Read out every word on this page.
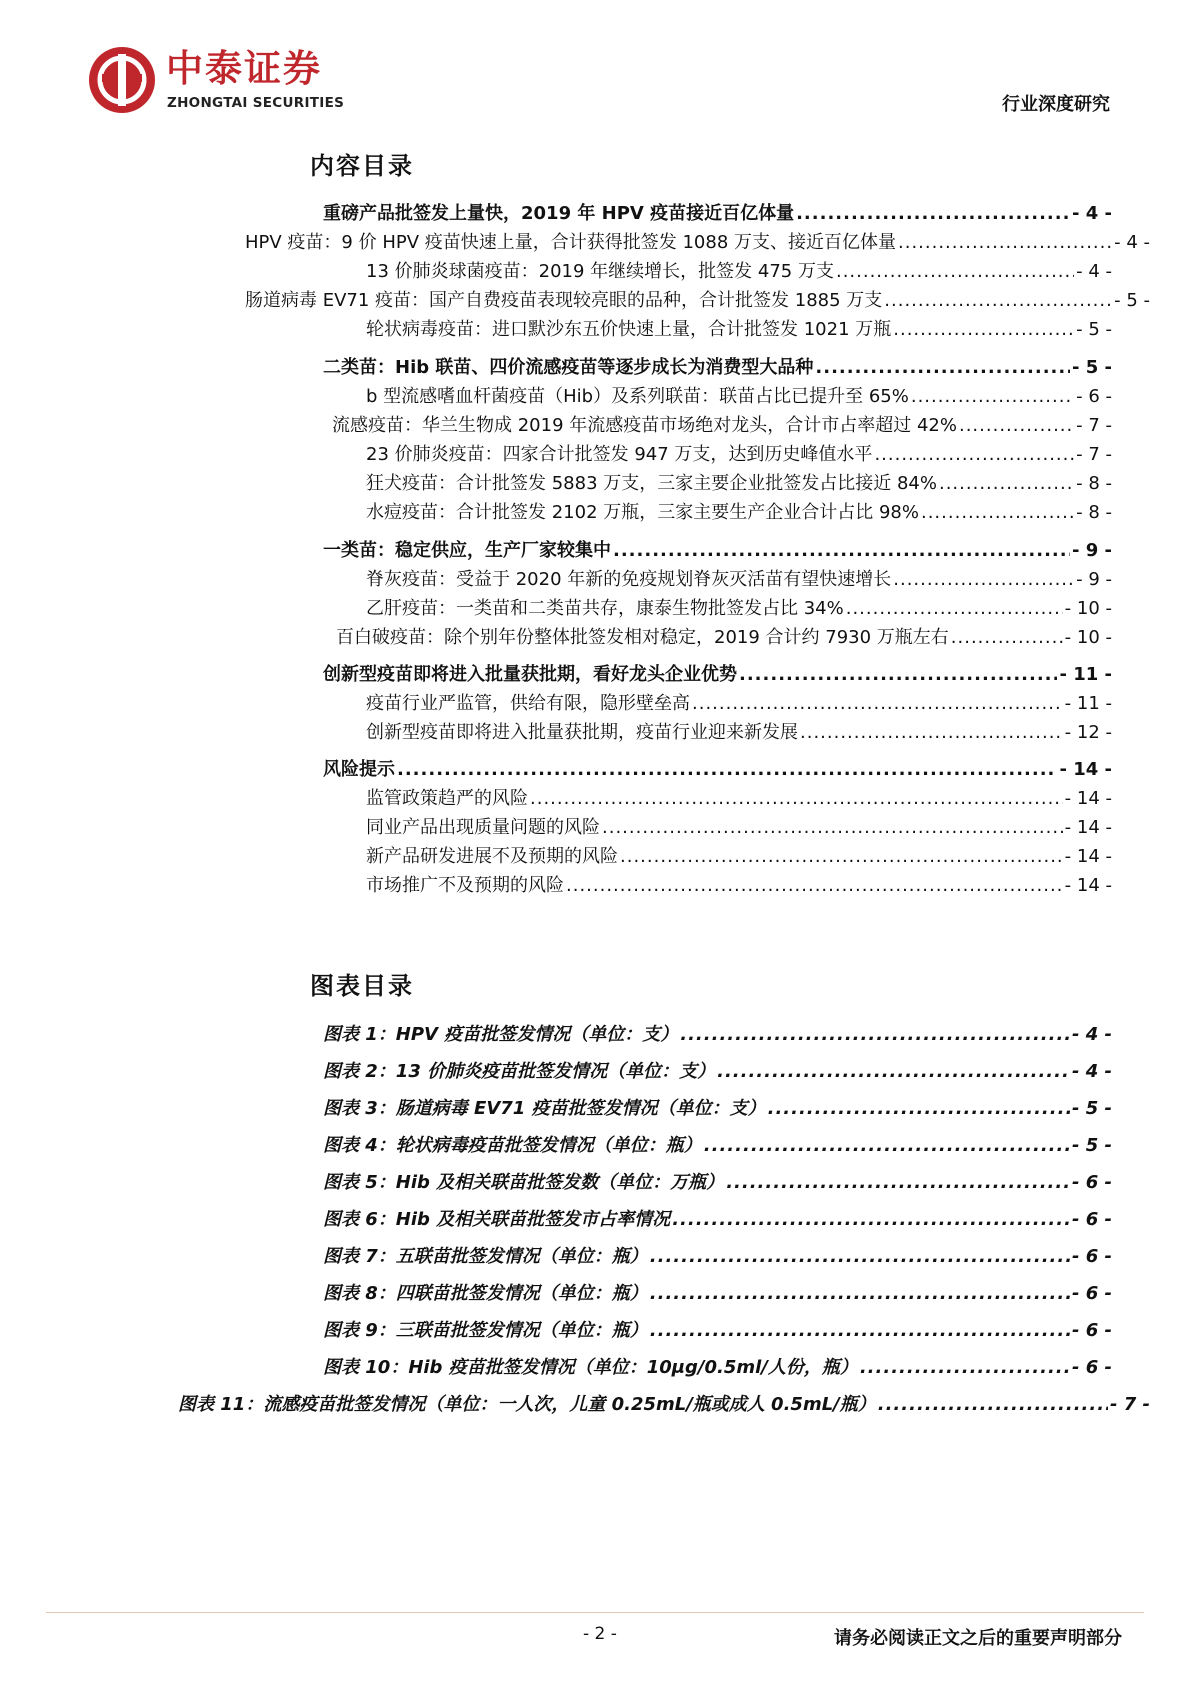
中泰证券
ZHONGTAI SECURITIES	行业深度研究
内容目录
重磅产品批签发上量快，2019 年 HPV 疫苗接近百亿体量 .....	- 4 -
HPV 疫苗：9 价 HPV 疫苗快速上量，合计获得批签发 1088 万支、接近百亿体量 .....	- 4 -
13 价肺炎球菌疫苗：2019 年继续增长，批签发 475 万支 .....	- 4 -
肠道病毒 EV71 疫苗：国产自费疫苗表现较亮眼的品种，合计批签发 1885 万支 .....	- 5 -
轮状病毒疫苗：进口默沙东五价快速上量，合计批签发 1021 万瓶 .....	- 5 -
二类苗：Hib 联苗、四价流感疫苗等逐步成长为消费型大品种 .....	- 5 -
b 型流感嗜血杆菌疫苗（Hib）及系列联苗：联苗占比已提升至 65% .....	- 6 -
流感疫苗：华兰生物成 2019 年流感疫苗市场绝对龙头，合计市占率超过 42% .....	- 7 -
23 价肺炎疫苗：四家合计批签发 947 万支，达到历史峰值水平 .....	- 7 -
狂犬疫苗：合计批签发 5883 万支，三家主要企业批签发占比接近 84% .....	- 8 -
水痘疫苗：合计批签发 2102 万瓶，三家主要生产企业合计占比 98% .....	- 8 -
一类苗：稳定供应，生产厂家较集中 .....	- 9 -
脊灰疫苗：受益于 2020 年新的免疫规划脊灰灭活苗有望快速增长 .....	- 9 -
乙肝疫苗：一类苗和二类苗共存，康泰生物批签发占比 34% .....	- 10 -
百白破疫苗：除个别年份整体批签发相对稳定，2019 合计约 7930 万瓶左右 .....	- 10 -
创新型疫苗即将进入批量获批期，看好龙头企业优势 .....	- 11 -
疫苗行业严监管，供给有限，隐形壁垒高 .....	- 11 -
创新型疫苗即将进入批量获批期，疫苗行业迎来新发展 .....	- 12 -
风险提示 .....	- 14 -
监管政策趋严的风险 .....	- 14 -
同业产品出现质量问题的风险 .....	- 14 -
新产品研发进展不及预期的风险 .....	- 14 -
市场推广不及预期的风险 .....	- 14 -
图表目录
图表 1：HPV 疫苗批签发情况（单位：支） .....	- 4 -
图表 2：13 价肺炎疫苗批签发情况（单位：支） .....	- 4 -
图表 3：肠道病毒 EV71 疫苗批签发情况（单位：支） .....	- 5 -
图表 4：轮状病毒疫苗批签发情况（单位：瓶） .....	- 5 -
图表 5：Hib 及相关联苗批签发数（单位：万瓶） .....	- 6 -
图表 6：Hib 及相关联苗批签发市占率情况 .....	- 6 -
图表 7：五联苗批签发情况（单位：瓶） .....	- 6 -
图表 8：四联苗批签发情况（单位：瓶） .....	- 6 -
图表 9：三联苗批签发情况（单位：瓶） .....	- 6 -
图表 10：Hib 疫苗批签发情况（单位：10μg/0.5ml/人份，瓶） .....	- 6 -
图表 11：流感疫苗批签发情况（单位：一人次，儿童 0.25mL/瓶或成人 0.5mL/瓶） .....	- 7 -
- 2 -	请务必阅读正文之后的重要声明部分
